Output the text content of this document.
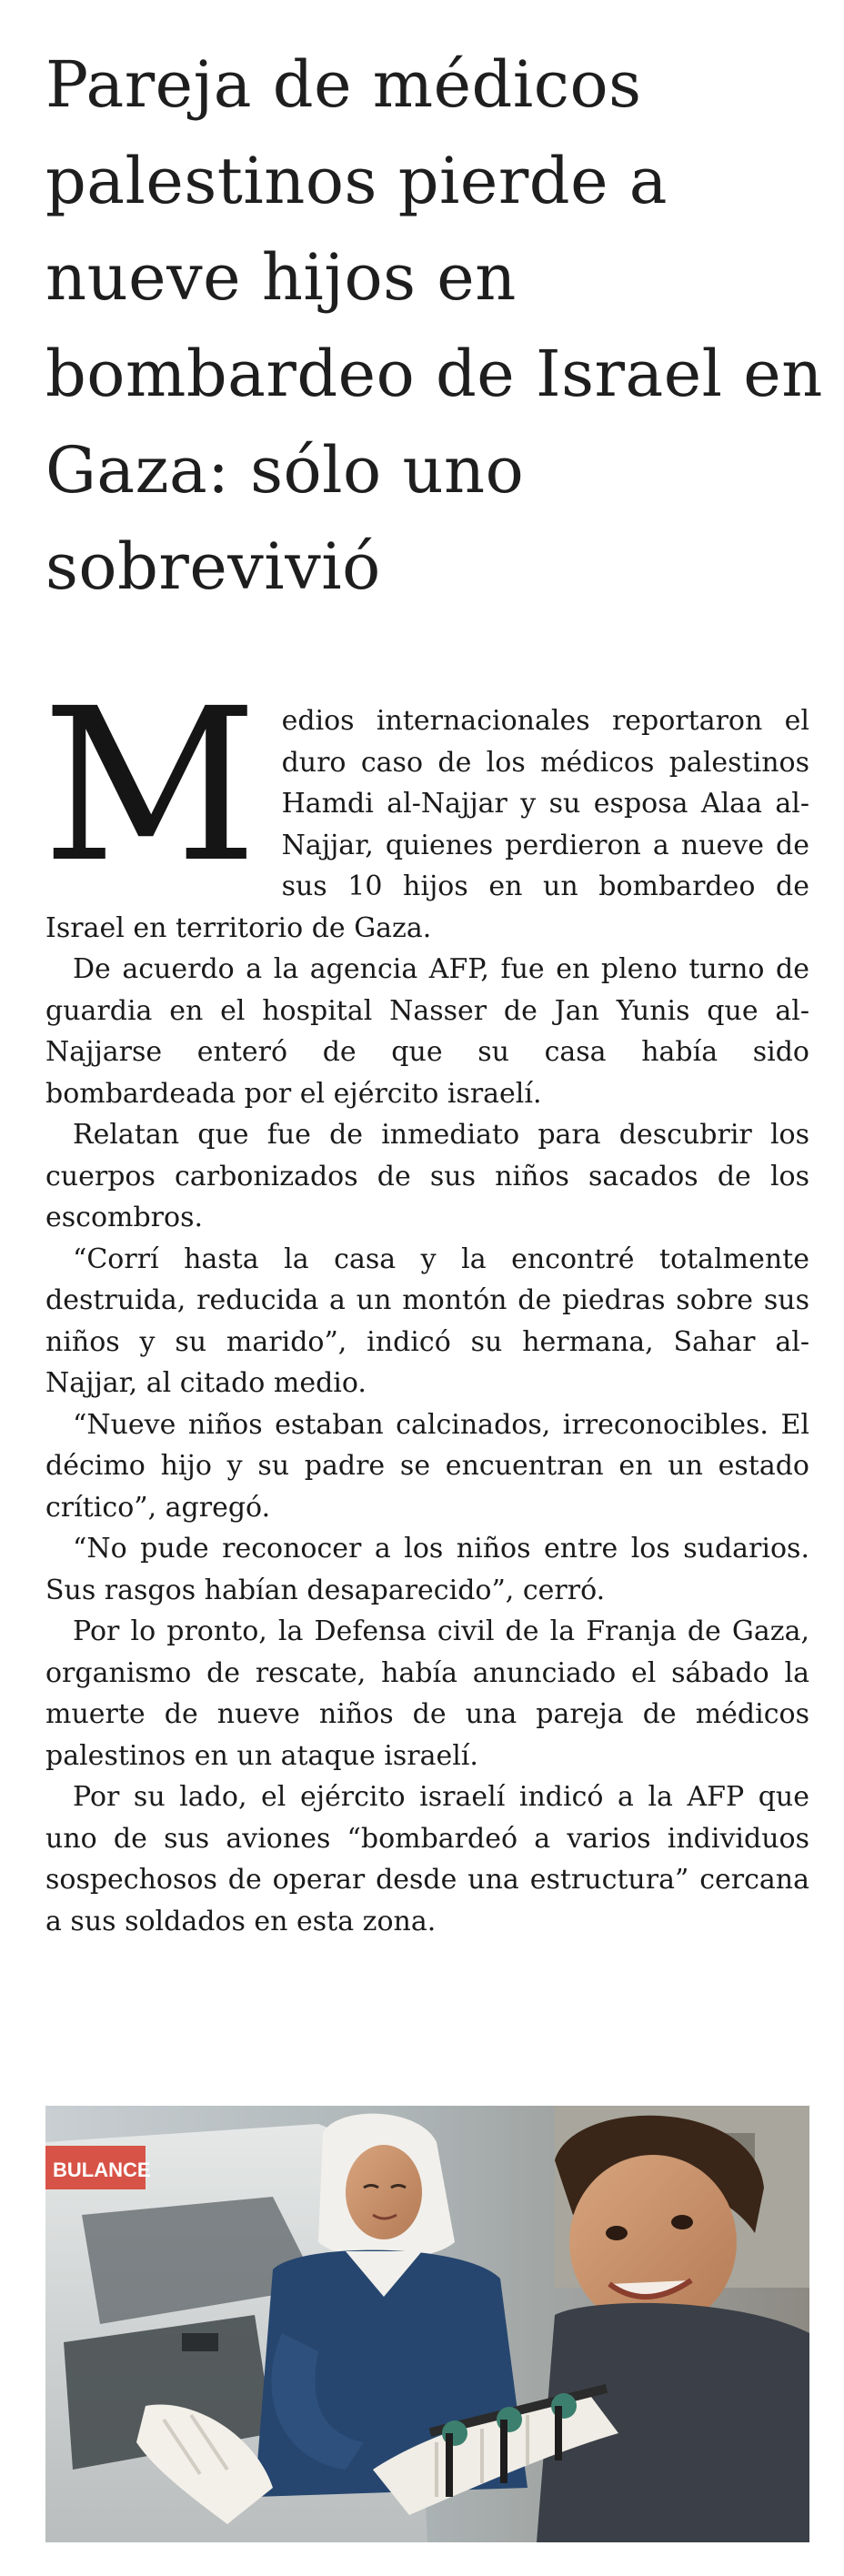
Pareja de médicos palestinos pierde a nueve hijos en bombardeo de Israel en Gaza: sólo uno sobrevivió

Medios internacionales reportaron el duro caso de los médicos palestinos Hamdi al-Najjar y su esposa Alaa al-Najjar, quienes perdieron a nueve de sus 10 hijos en un bombardeo de Israel en territorio de Gaza.

De acuerdo a la agencia AFP, fue en pleno turno de guardia en el hospital Nasser de Jan Yunis que al-Najjarse enteró de que su casa había sido bombardeada por el ejército israelí.

Relatan que fue de inmediato para descubrir los cuerpos carbonizados de sus niños sacados de los escombros.

“Corrí hasta la casa y la encontré totalmente destruida, reducida a un montón de piedras sobre sus niños y su marido”, indicó su hermana, Sahar al-Najjar, al citado medio.

“Nueve niños estaban calcinados, irreconocibles. El décimo hijo y su padre se encuentran en un estado crítico”, agregó.

“No pude reconocer a los niños entre los sudarios. Sus rasgos habían desaparecido”, cerró.

Por lo pronto, la Defensa civil de la Franja de Gaza, organismo de rescate, había anunciado el sábado la muerte de nueve niños de una pareja de médicos palestinos en un ataque israelí.

Por su lado, el ejército israelí indicó a la AFP que uno de sus aviones “bombardeó a varios individuos sospechosos de operar desde una estructura” cercana a sus soldados en esta zona.

BULANCE
